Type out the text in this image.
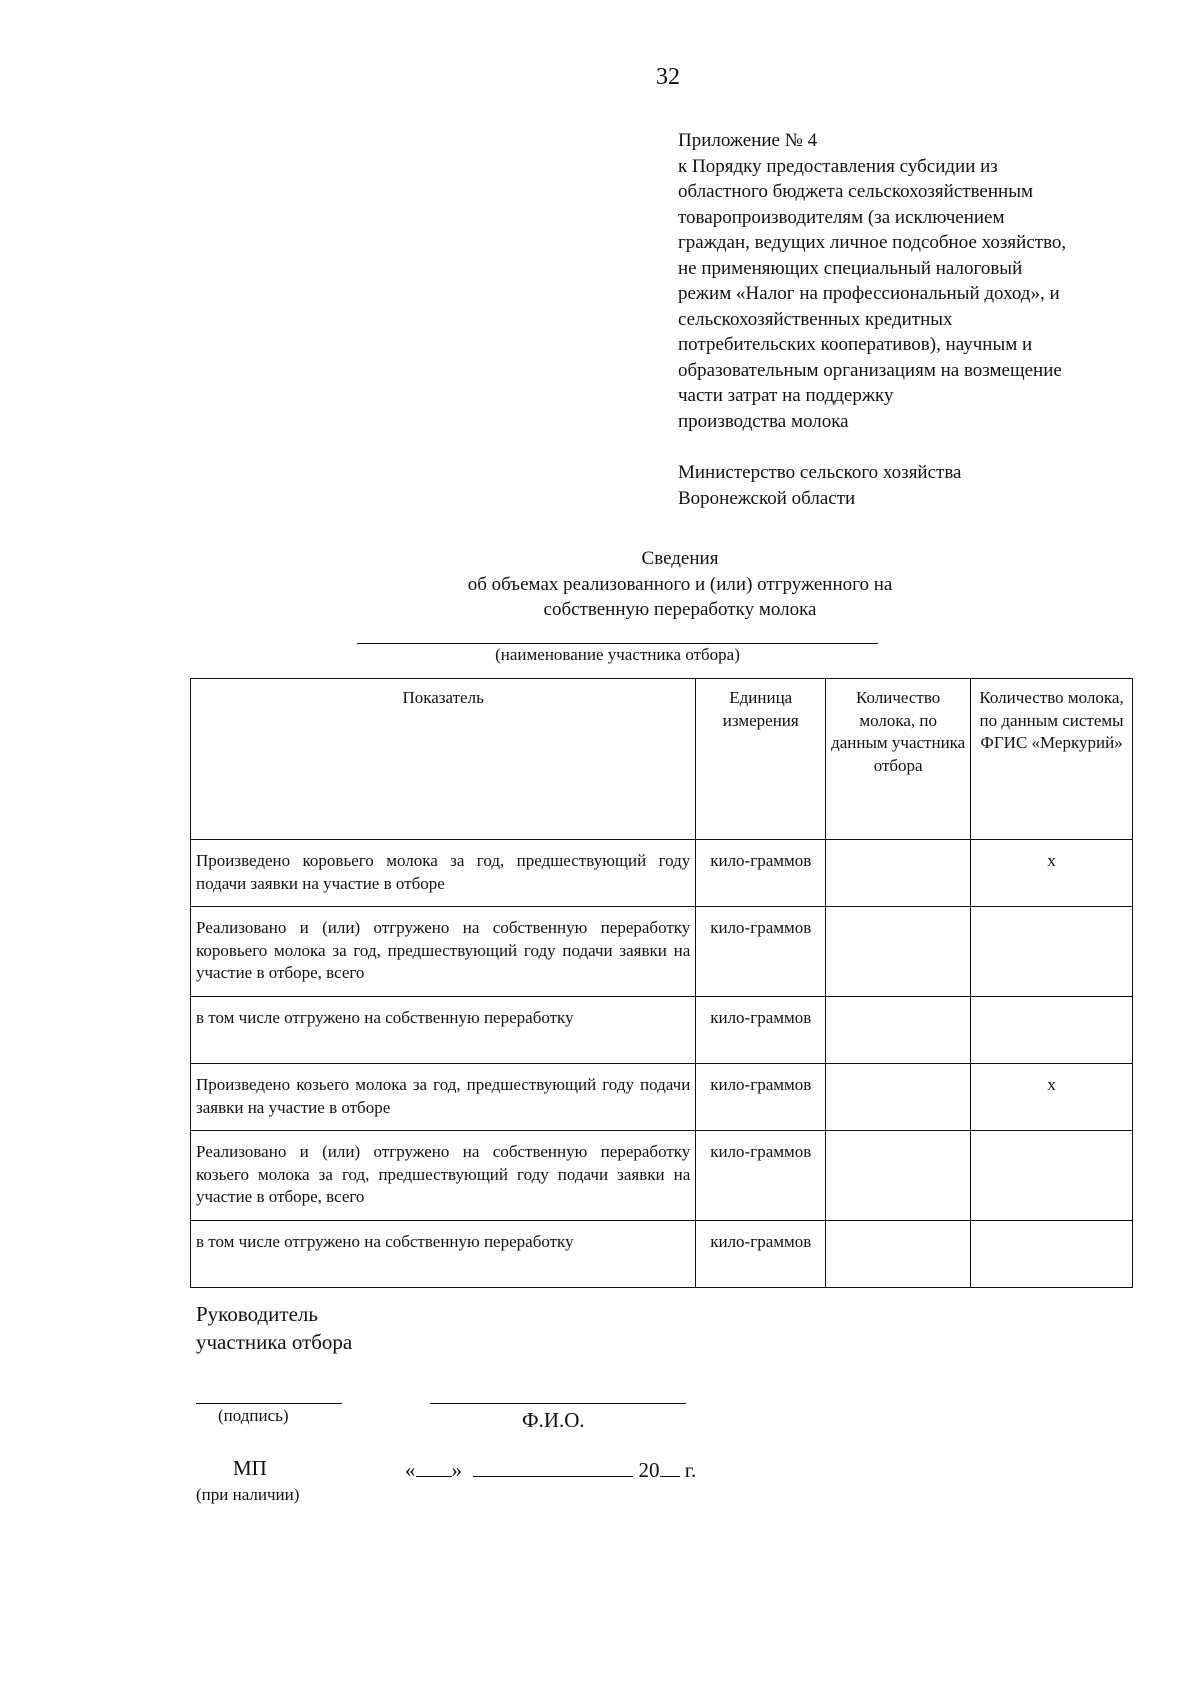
32
Приложение № 4
к Порядку предоставления субсидии из
областного бюджета сельскохозяйственным
товаропроизводителям (за исключением
граждан, ведущих личное подсобное хозяйство,
не применяющих специальный налоговый
режим «Налог на профессиональный доход», и
сельскохозяйственных кредитных
потребительских кооперативов), научным и
образовательным организациям на возмещение
части затрат на поддержку
производства молока
Министерство сельского хозяйства
Воронежской области
Сведения
об объемах реализованного и (или) отгруженного на
собственную переработку молока
(наименование участника отбора)
Показатель	Единица измерения	Количество молока, по данным участника отбора	Количество молока, по данным системы ФГИС «Меркурий»
Произведено коровьего молока за год, предшествующий году подачи заявки на участие в отборе	кило-граммов		х
Реализовано и (или) отгружено на собственную переработку коровьего молока за год, предшествующий году подачи заявки на участие в отборе, всего	кило-граммов		
в том числе отгружено на собственную переработку	кило-граммов		
Произведено козьего молока за год, предшествующий году подачи заявки на участие в отборе	кило-граммов		х
Реализовано и (или) отгружено на собственную переработку козьего молока за год, предшествующий году подачи заявки на участие в отборе, всего	кило-граммов		
в том числе отгружено на собственную переработку	кило-граммов		
Руководитель
участника отбора
(подпись)	Ф.И.О.
МП
(при наличии)
« »	20 г.
